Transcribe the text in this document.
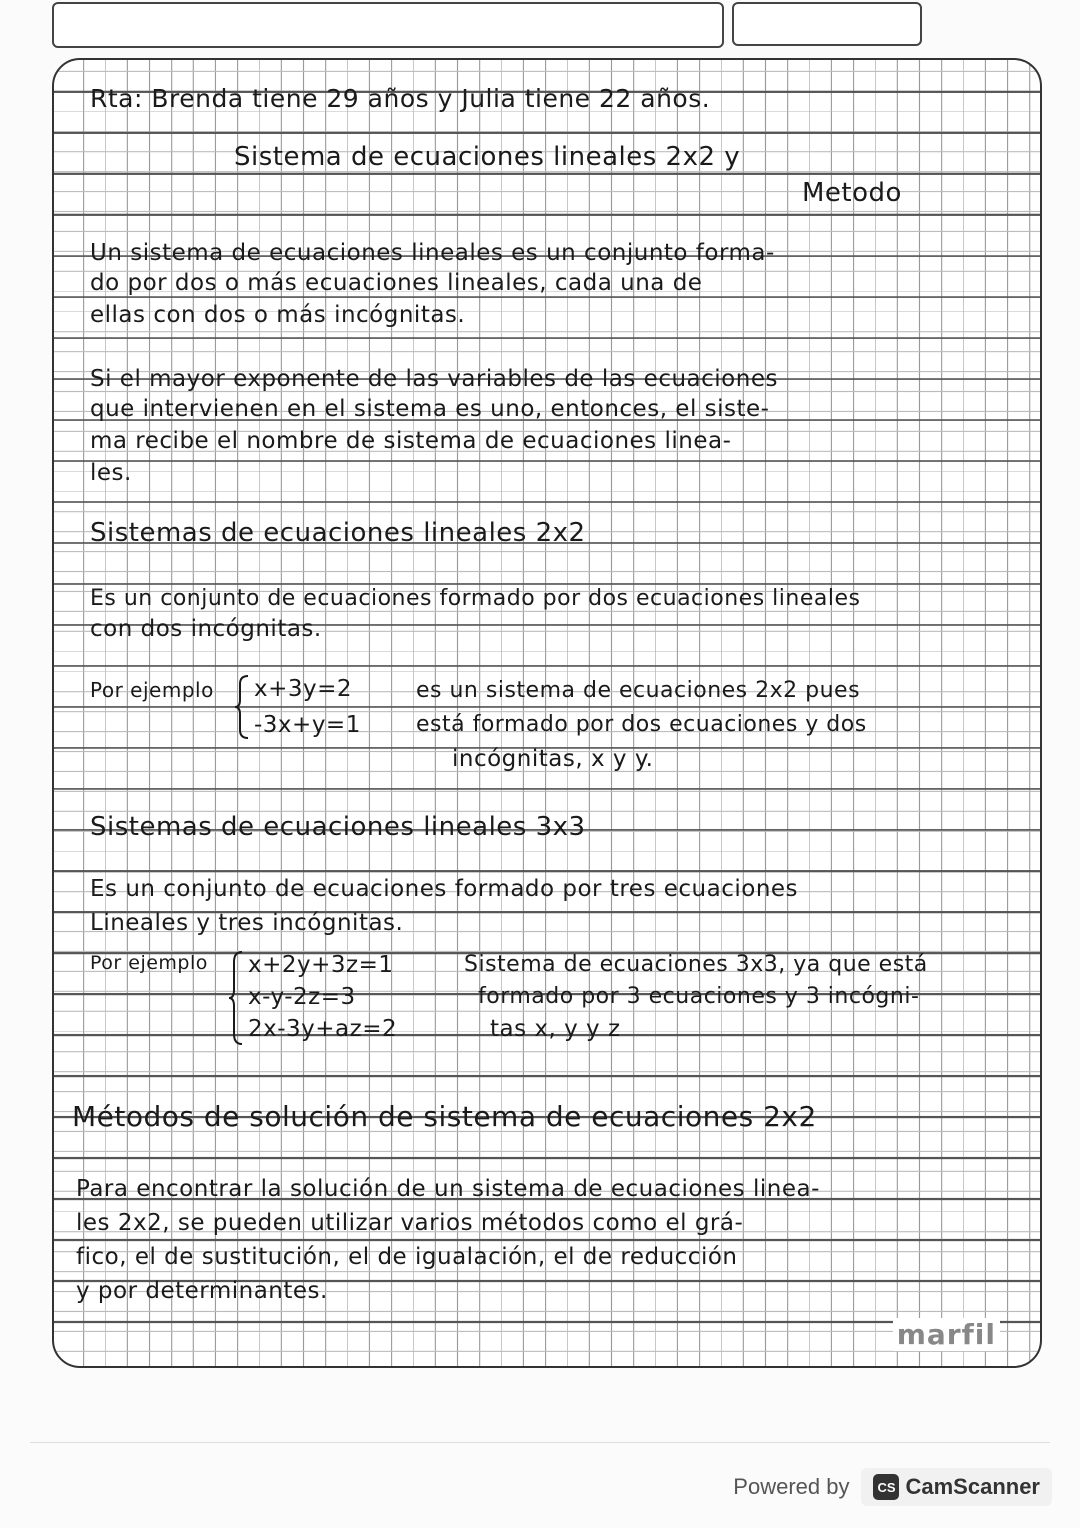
Rta: Brenda tiene 29 años y Julia tiene 22 años.
Sistema de ecuaciones lineales 2x2 y
Metodo
Un sistema de ecuaciones lineales es un conjunto forma-
do por dos o más ecuaciones lineales, cada una de
ellas con dos o más incógnitas.
Si el mayor exponente de las variables de las ecuaciones
que intervienen en el sistema es uno, entonces, el siste-
ma recibe el nombre de sistema de ecuaciones linea-
les.
Sistemas de ecuaciones lineales 2x2
Es un conjunto de ecuaciones formado por dos ecuaciones lineales
con dos incógnitas.
Por ejemplo x+3y=2
-3x+y=1
es un sistema de ecuaciones 2x2 pues
está formado por dos ecuaciones y dos
incógnitas, x y y.
Sistemas de ecuaciones lineales 3x3
Es un conjunto de ecuaciones formado por tres ecuaciones
Lineales y tres incógnitas.
Por ejemplo x+2y+3z=1
x-y-2z=3
2x-3y+az=2
Sistema de ecuaciones 3x3, ya que está
formado por 3 ecuaciones y 3 incógni-
tas x, y y z
Métodos de solución de sistema de ecuaciones 2x2
Para encontrar la solución de un sistema de ecuaciones linea-
les 2x2, se pueden utilizar varios métodos como el grá-
fico, el de sustitución, el de igualación, el de reducción
y por determinantes.
marfil
Powered by	CS CamScanner
